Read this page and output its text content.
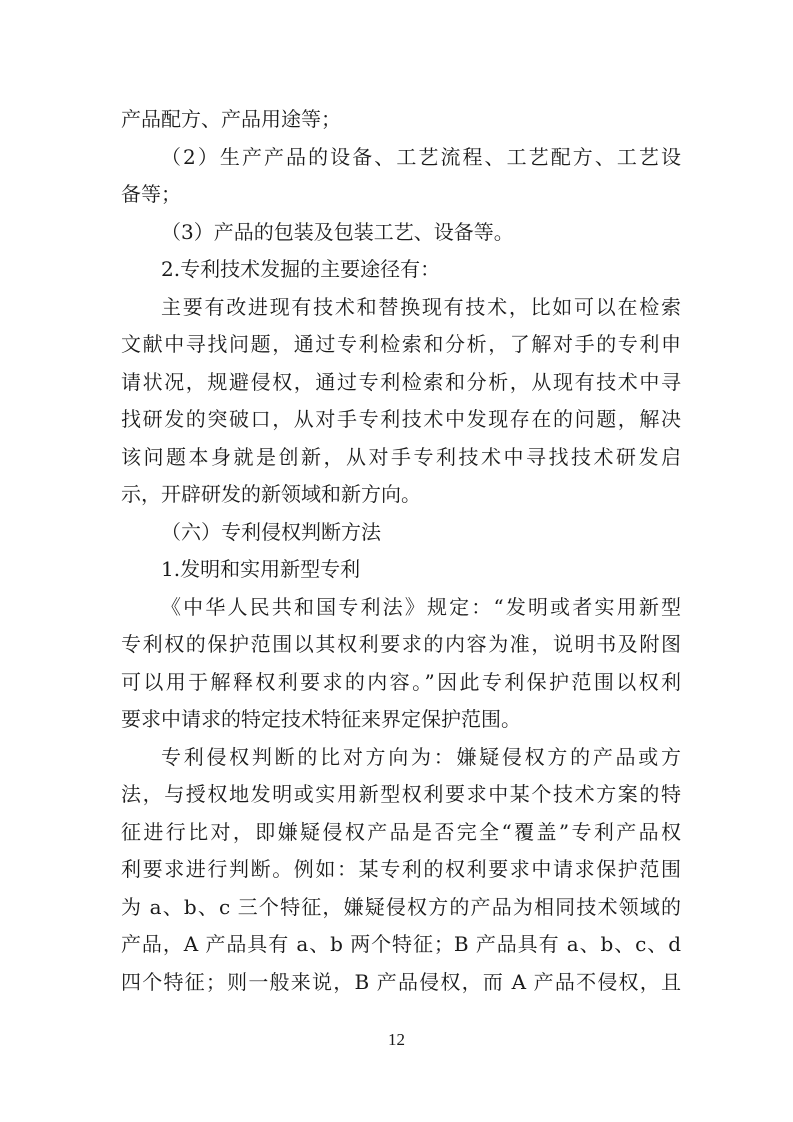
产品配方、产品用途等；
（2）生产产品的设备、工艺流程、工艺配方、工艺设
备等；
（3）产品的包装及包装工艺、设备等。
2.专利技术发掘的主要途径有：
主要有改进现有技术和替换现有技术，比如可以在检索
文献中寻找问题，通过专利检索和分析，了解对手的专利申
请状况，规避侵权，通过专利检索和分析，从现有技术中寻
找研发的突破口，从对手专利技术中发现存在的问题，解决
该问题本身就是创新，从对手专利技术中寻找技术研发启
示，开辟研发的新领域和新方向。
（六）专利侵权判断方法
1.发明和实用新型专利
《中华人民共和国专利法》规定：“发明或者实用新型
专利权的保护范围以其权利要求的内容为准，说明书及附图
可以用于解释权利要求的内容。”因此专利保护范围以权利
要求中请求的特定技术特征来界定保护范围。
专利侵权判断的比对方向为：嫌疑侵权方的产品或方
法，与授权地发明或实用新型权利要求中某个技术方案的特
征进行比对，即嫌疑侵权产品是否完全“覆盖”专利产品权
利要求进行判断。例如：某专利的权利要求中请求保护范围
为 a、b、c 三个特征，嫌疑侵权方的产品为相同技术领域的
产品，A 产品具有 a、b 两个特征；B 产品具有 a、b、c、d
四个特征；则一般来说，B 产品侵权，而 A 产品不侵权，且
12
